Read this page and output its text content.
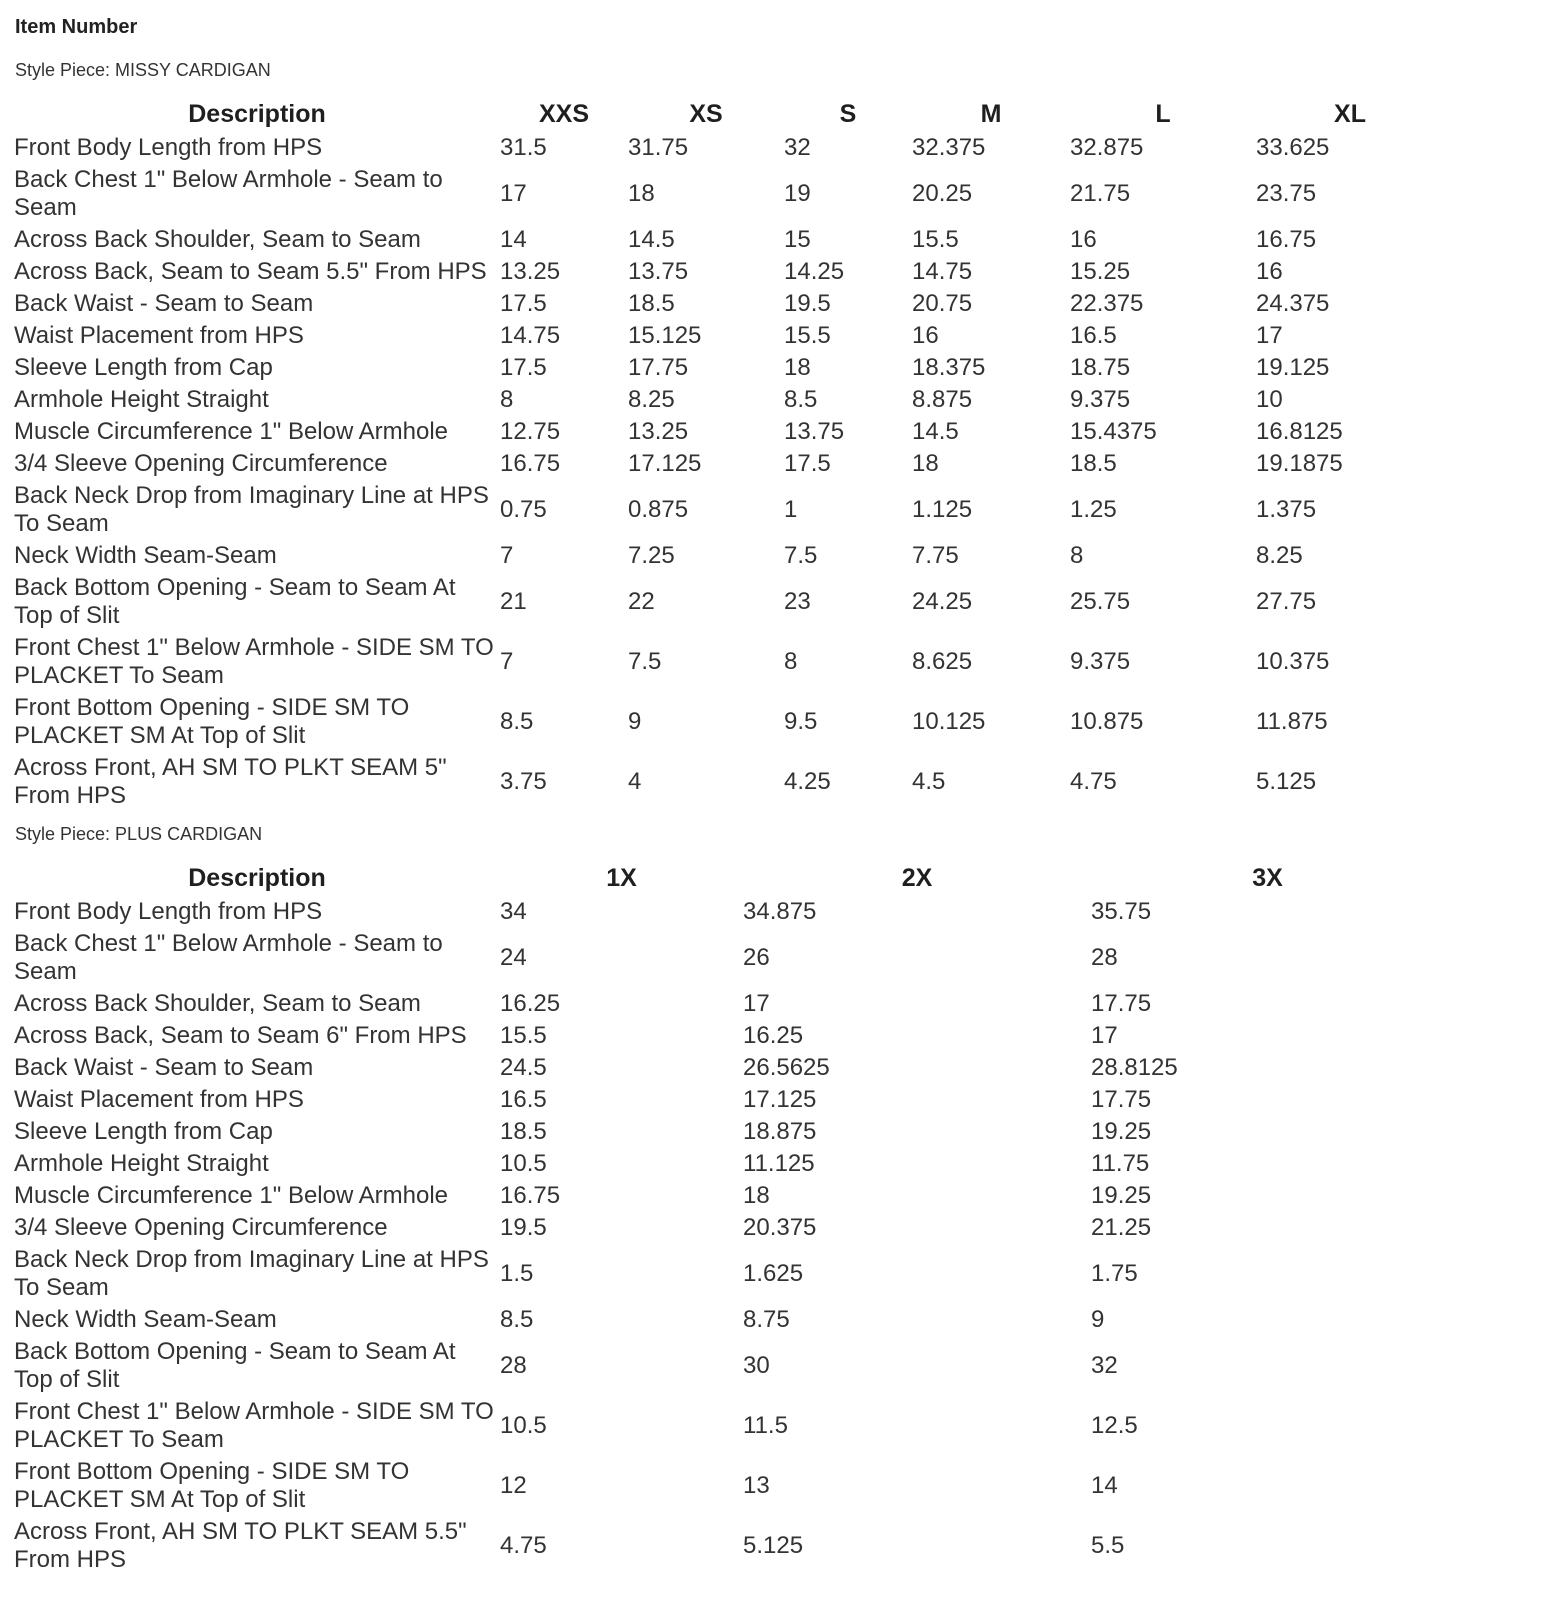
Item Number
Style Piece: MISSY CARDIGAN
Description	XXS	XS	S	M	L	XL
Front Body Length from HPS	31.5	31.75	32	32.375	32.875	33.625
Back Chest 1" Below Armhole - Seam to Seam	17	18	19	20.25	21.75	23.75
Across Back Shoulder, Seam to Seam	14	14.5	15	15.5	16	16.75
Across Back, Seam to Seam 5.5" From HPS	13.25	13.75	14.25	14.75	15.25	16
Back Waist - Seam to Seam	17.5	18.5	19.5	20.75	22.375	24.375
Waist Placement from HPS	14.75	15.125	15.5	16	16.5	17
Sleeve Length from Cap	17.5	17.75	18	18.375	18.75	19.125
Armhole Height Straight	8	8.25	8.5	8.875	9.375	10
Muscle Circumference 1" Below Armhole	12.75	13.25	13.75	14.5	15.4375	16.8125
3/4 Sleeve Opening Circumference	16.75	17.125	17.5	18	18.5	19.1875
Back Neck Drop from Imaginary Line at HPS To Seam	0.75	0.875	1	1.125	1.25	1.375
Neck Width Seam-Seam	7	7.25	7.5	7.75	8	8.25
Back Bottom Opening - Seam to Seam At Top of Slit	21	22	23	24.25	25.75	27.75
Front Chest 1" Below Armhole - SIDE SM TO PLACKET To Seam	7	7.5	8	8.625	9.375	10.375
Front Bottom Opening - SIDE SM TO PLACKET SM At Top of Slit	8.5	9	9.5	10.125	10.875	11.875
Across Front, AH SM TO PLKT SEAM 5" From HPS	3.75	4	4.25	4.5	4.75	5.125
Style Piece: PLUS CARDIGAN
Description	1X	2X	3X
Front Body Length from HPS	34	34.875	35.75
Back Chest 1" Below Armhole - Seam to Seam	24	26	28
Across Back Shoulder, Seam to Seam	16.25	17	17.75
Across Back, Seam to Seam 6" From HPS	15.5	16.25	17
Back Waist - Seam to Seam	24.5	26.5625	28.8125
Waist Placement from HPS	16.5	17.125	17.75
Sleeve Length from Cap	18.5	18.875	19.25
Armhole Height Straight	10.5	11.125	11.75
Muscle Circumference 1" Below Armhole	16.75	18	19.25
3/4 Sleeve Opening Circumference	19.5	20.375	21.25
Back Neck Drop from Imaginary Line at HPS To Seam	1.5	1.625	1.75
Neck Width Seam-Seam	8.5	8.75	9
Back Bottom Opening - Seam to Seam At Top of Slit	28	30	32
Front Chest 1" Below Armhole - SIDE SM TO PLACKET To Seam	10.5	11.5	12.5
Front Bottom Opening - SIDE SM TO PLACKET SM At Top of Slit	12	13	14
Across Front, AH SM TO PLKT SEAM 5.5" From HPS	4.75	5.125	5.5
